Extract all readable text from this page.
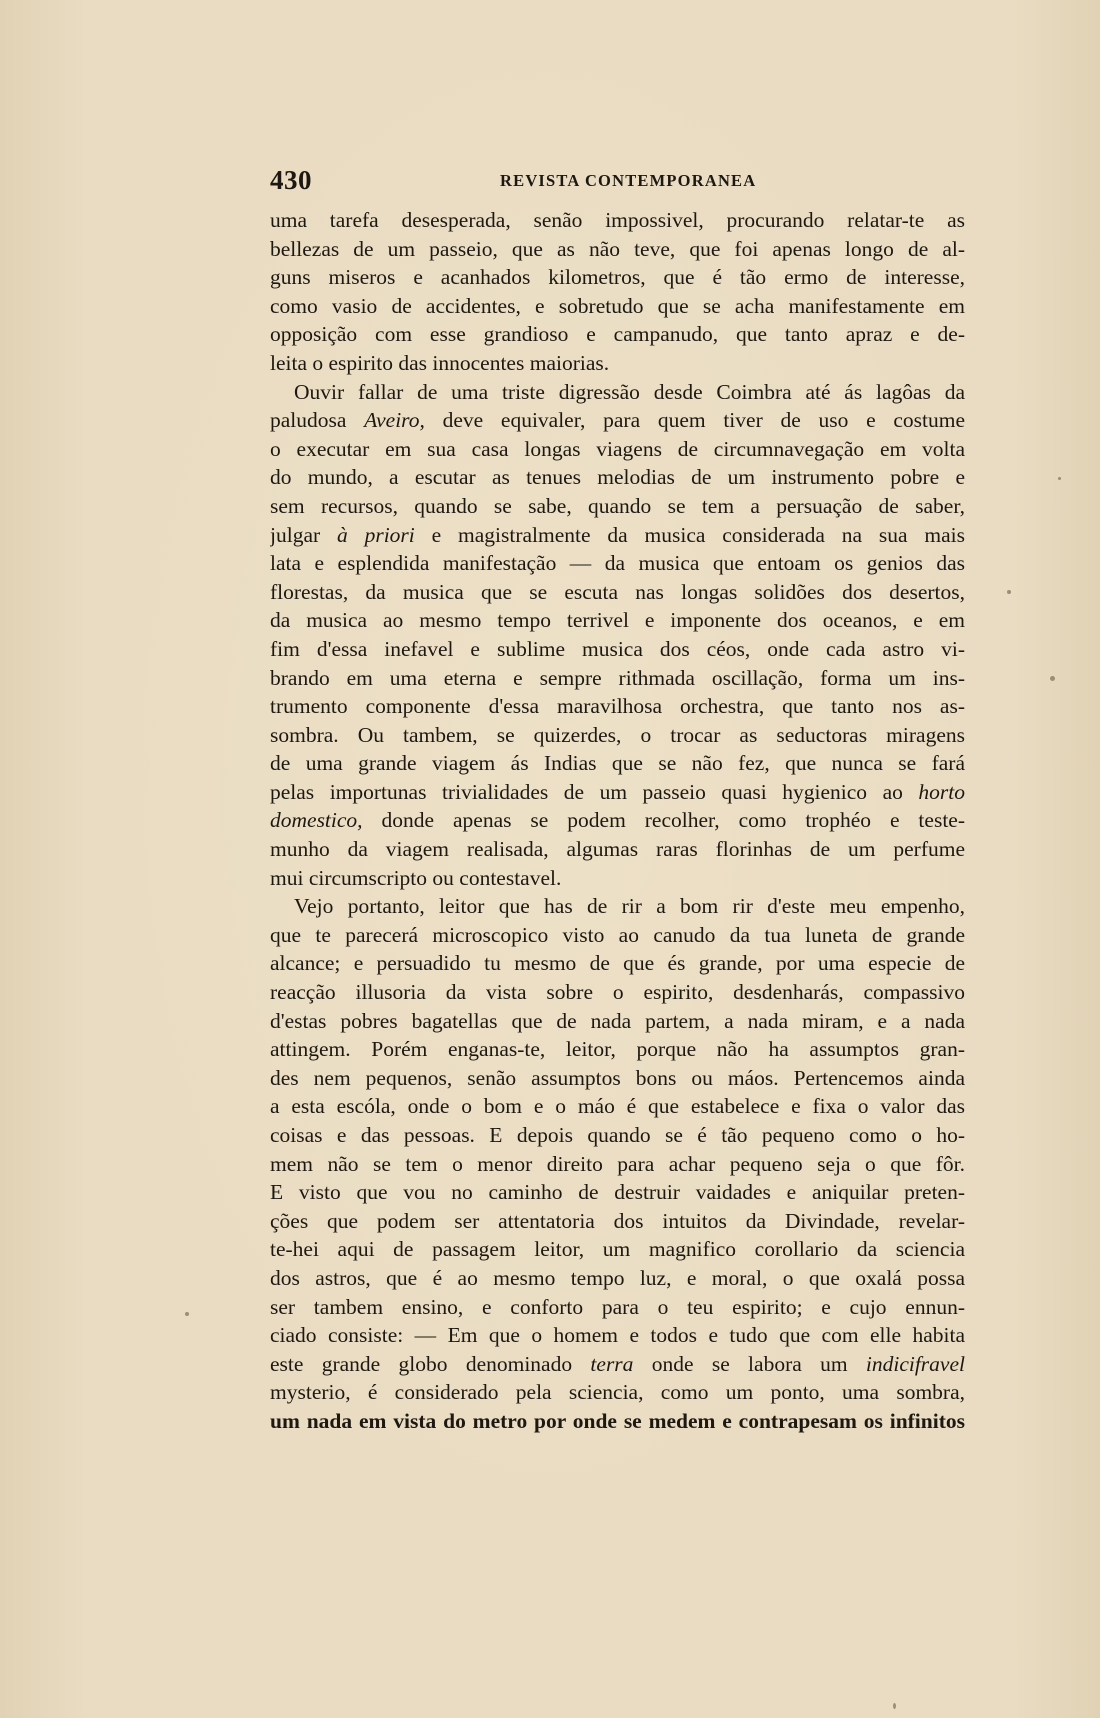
430	REVISTA CONTEMPORANEA
uma tarefa desesperada, senão impossivel, procurando relatar-te as
bellezas de um passeio, que as não teve, que foi apenas longo de al-
guns miseros e acanhados kilometros, que é tão ermo de interesse,
como vasio de accidentes, e sobretudo que se acha manifestamente em
opposição com esse grandioso e campanudo, que tanto apraz e de-
leita o espirito das innocentes maiorias.
Ouvir fallar de uma triste digressão desde Coimbra até ás lagôas da
paludosa Aveiro, deve equivaler, para quem tiver de uso e costume
o executar em sua casa longas viagens de circumnavegação em volta
do mundo, a escutar as tenues melodias de um instrumento pobre e
sem recursos, quando se sabe, quando se tem a persuação de saber,
julgar à priori e magistralmente da musica considerada na sua mais
lata e esplendida manifestação — da musica que entoam os genios das
florestas, da musica que se escuta nas longas solidões dos desertos,
da musica ao mesmo tempo terrivel e imponente dos oceanos, e em
fim d'essa inefavel e sublime musica dos céos, onde cada astro vi-
brando em uma eterna e sempre rithmada oscillação, forma um ins-
trumento componente d'essa maravilhosa orchestra, que tanto nos as-
sombra. Ou tambem, se quizerdes, o trocar as seductoras miragens
de uma grande viagem ás Indias que se não fez, que nunca se fará
pelas importunas trivialidades de um passeio quasi hygienico ao horto
domestico, donde apenas se podem recolher, como trophéo e teste-
munho da viagem realisada, algumas raras florinhas de um perfume
mui circumscripto ou contestavel.
Vejo portanto, leitor que has de rir a bom rir d'este meu empenho,
que te parecerá microscopico visto ao canudo da tua luneta de grande
alcance; e persuadido tu mesmo de que és grande, por uma especie de
reacção illusoria da vista sobre o espirito, desdenharás, compassivo
d'estas pobres bagatellas que de nada partem, a nada miram, e a nada
attingem. Porém enganas-te, leitor, porque não ha assumptos gran-
des nem pequenos, senão assumptos bons ou máos. Pertencemos ainda
a esta escóla, onde o bom e o máo é que estabelece e fixa o valor das
coisas e das pessoas. E depois quando se é tão pequeno como o ho-
mem não se tem o menor direito para achar pequeno seja o que fôr.
E visto que vou no caminho de destruir vaidades e aniquilar preten-
ções que podem ser attentatoria dos intuitos da Divindade, revelar-
te-hei aqui de passagem leitor, um magnifico corollario da sciencia
dos astros, que é ao mesmo tempo luz, e moral, o que oxalá possa
ser tambem ensino, e conforto para o teu espirito; e cujo ennun-
ciado consiste: — Em que o homem e todos e tudo que com elle habita
este grande globo denominado terra onde se labora um indicifravel
mysterio, é considerado pela sciencia, como um ponto, uma sombra,
um nada em vista do metro por onde se medem e contrapesam os infinitos
